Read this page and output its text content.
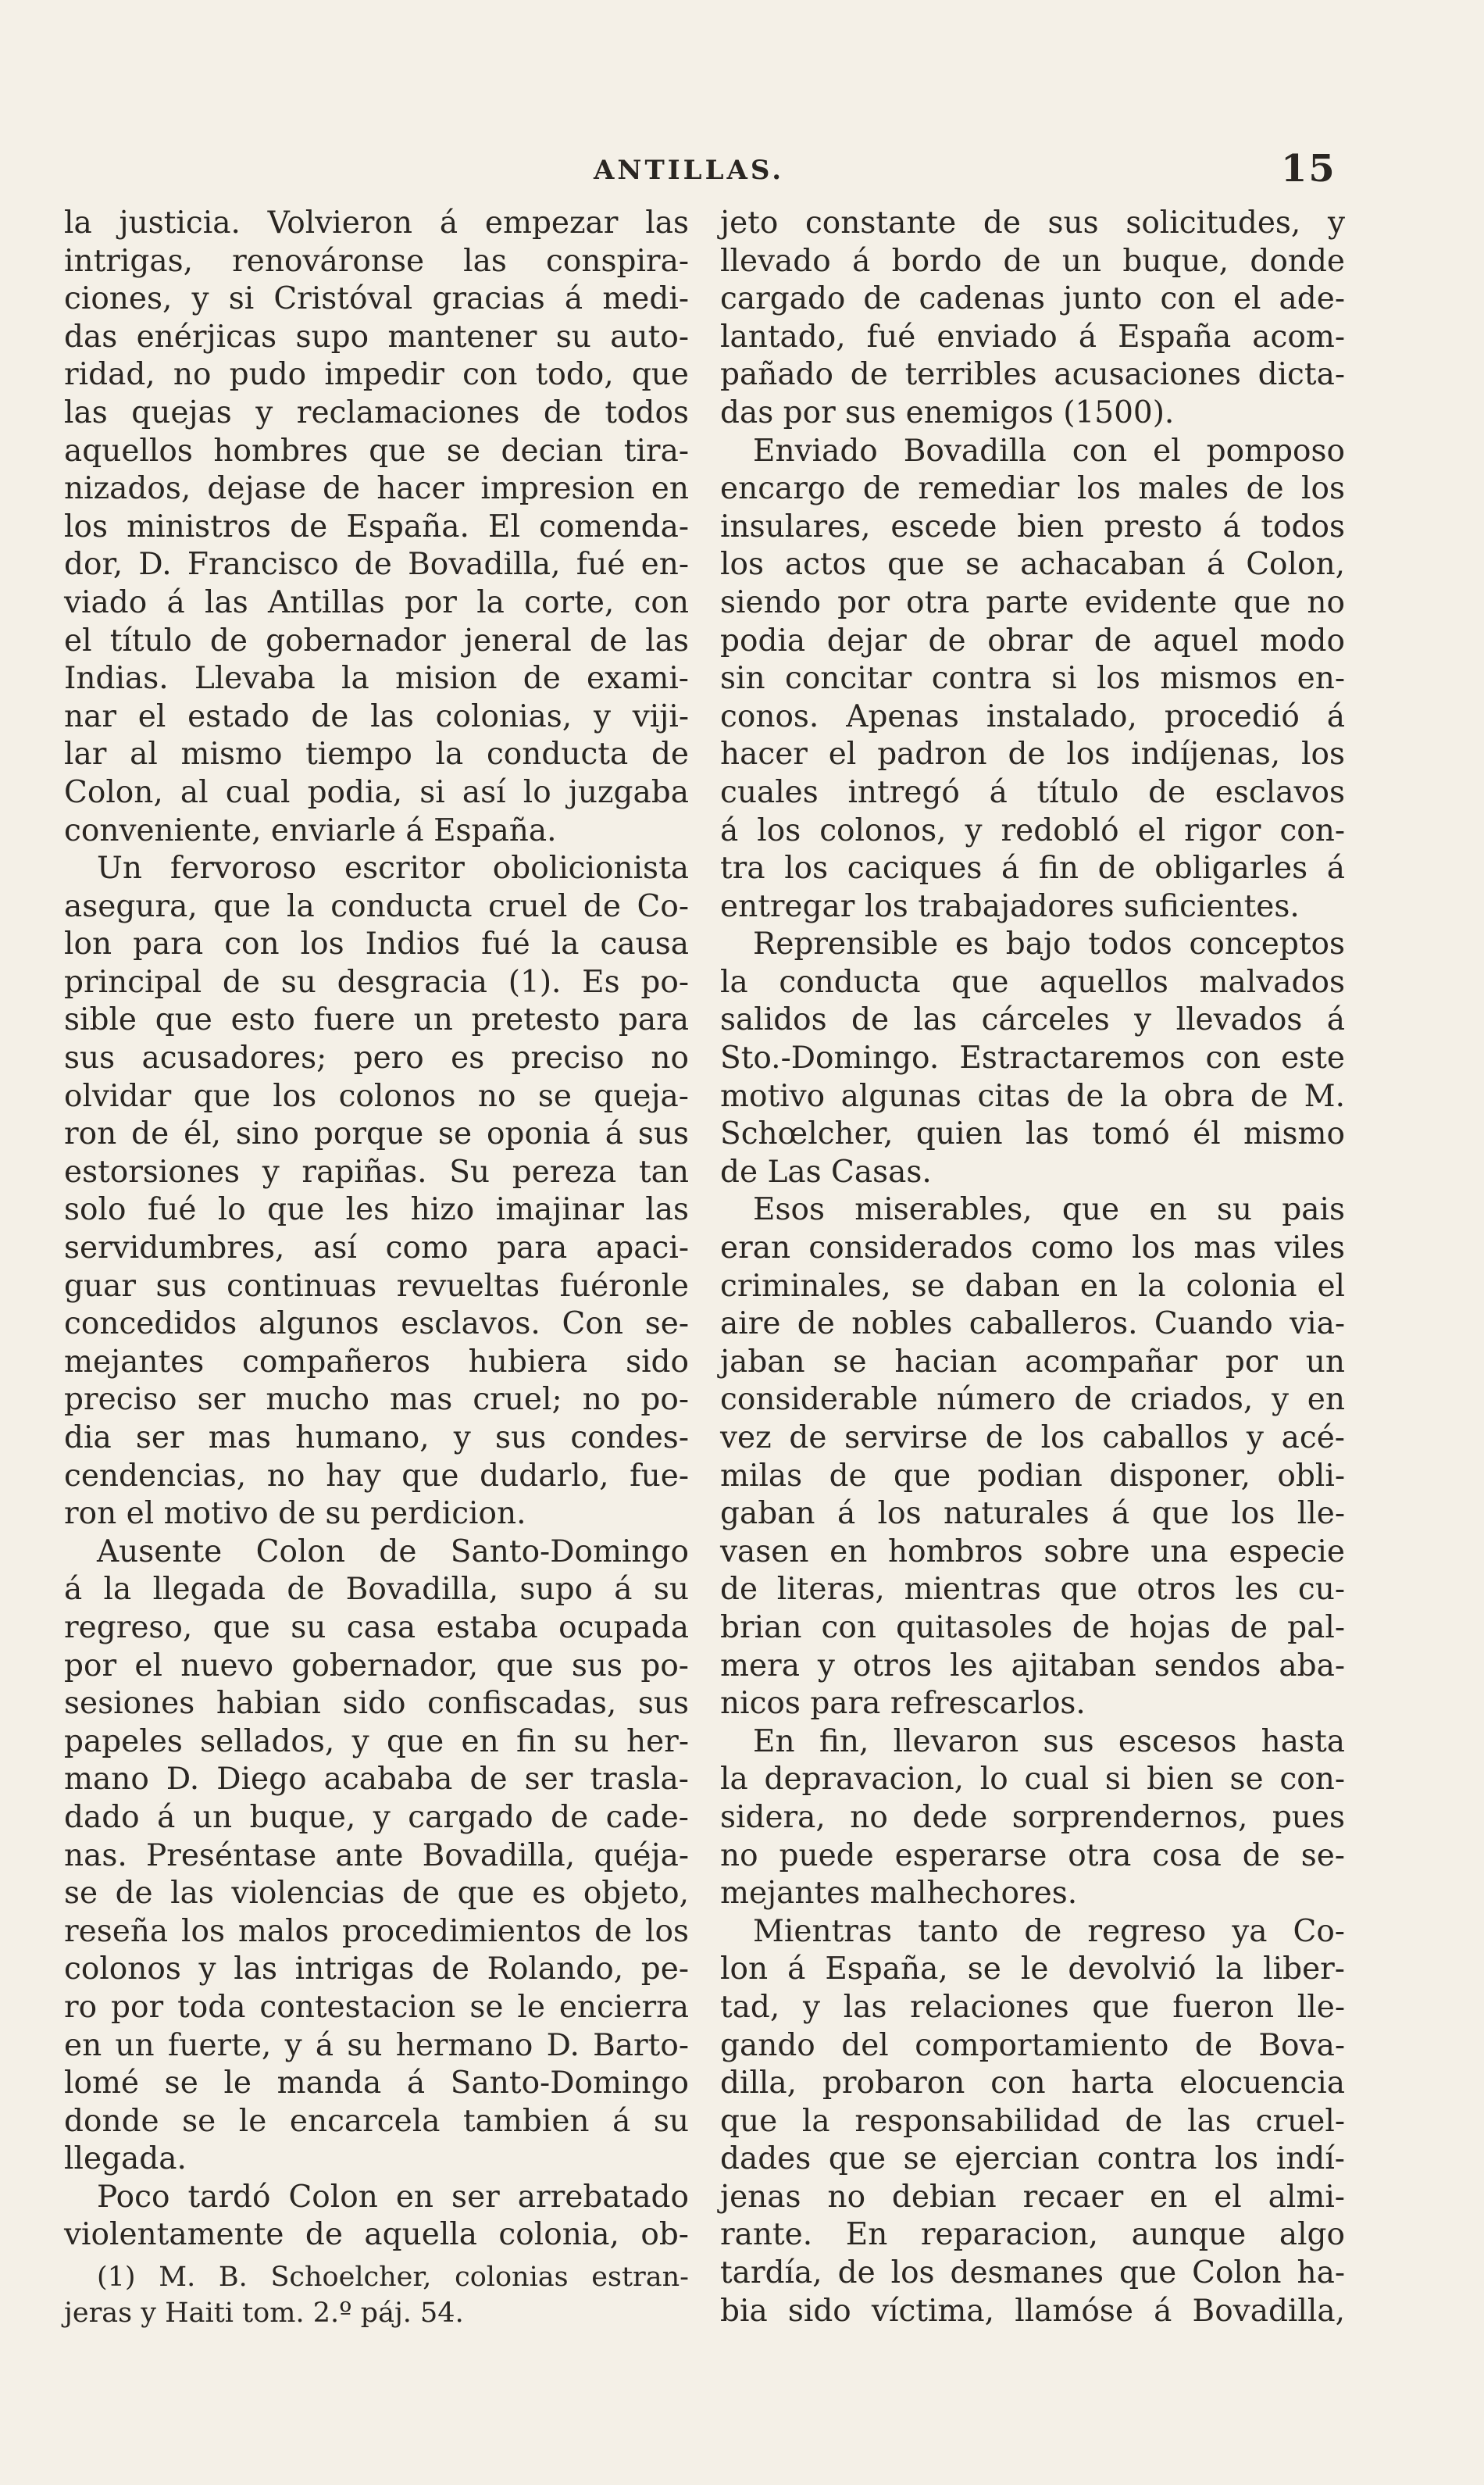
ANTILLAS.	15
la justicia. Volvieron á empezar las
intrigas, renováronse las conspira-
ciones, y si Cristóval gracias á medi-
das enérjicas supo mantener su auto-
ridad, no pudo impedir con todo, que
las quejas y reclamaciones de todos
aquellos hombres que se decian tira-
nizados, dejase de hacer impresion en
los ministros de España. El comenda-
dor, D. Francisco de Bovadilla, fué en-
viado á las Antillas por la corte, con
el título de gobernador jeneral de las
Indias. Llevaba la mision de exami-
nar el estado de las colonias, y viji-
lar al mismo tiempo la conducta de
Colon, al cual podia, si así lo juzgaba
conveniente, enviarle á España.
Un fervoroso escritor obolicionista
asegura, que la conducta cruel de Co-
lon para con los Indios fué la causa
principal de su desgracia (1). Es po-
sible que esto fuere un pretesto para
sus acusadores; pero es preciso no
olvidar que los colonos no se queja-
ron de él, sino porque se oponia á sus
estorsiones y rapiñas. Su pereza tan
solo fué lo que les hizo imajinar las
servidumbres, así como para apaci-
guar sus continuas revueltas fuéronle
concedidos algunos esclavos. Con se-
mejantes compañeros hubiera sido
preciso ser mucho mas cruel; no po-
dia ser mas humano, y sus condes-
cendencias, no hay que dudarlo, fue-
ron el motivo de su perdicion.
Ausente Colon de Santo-Domingo
á la llegada de Bovadilla, supo á su
regreso, que su casa estaba ocupada
por el nuevo gobernador, que sus po-
sesiones habian sido confiscadas, sus
papeles sellados, y que en fin su her-
mano D. Diego acababa de ser trasla-
dado á un buque, y cargado de cade-
nas. Preséntase ante Bovadilla, quéja-
se de las violencias de que es objeto,
reseña los malos procedimientos de los
colonos y las intrigas de Rolando, pe-
ro por toda contestacion se le encierra
en un fuerte, y á su hermano D. Barto-
lomé se le manda á Santo-Domingo
donde se le encarcela tambien á su
llegada.
Poco tardó Colon en ser arrebatado
violentamente de aquella colonia, ob-
(1) M. B. Schoelcher, colonias estran-
jeras y Haiti tom. 2.º páj. 54.
jeto constante de sus solicitudes, y
llevado á bordo de un buque, donde
cargado de cadenas junto con el ade-
lantado, fué enviado á España acom-
pañado de terribles acusaciones dicta-
das por sus enemigos (1500).
Enviado Bovadilla con el pomposo
encargo de remediar los males de los
insulares, escede bien presto á todos
los actos que se achacaban á Colon,
siendo por otra parte evidente que no
podia dejar de obrar de aquel modo
sin concitar contra si los mismos en-
conos. Apenas instalado, procedió á
hacer el padron de los indíjenas, los
cuales intregó á título de esclavos
á los colonos, y redobló el rigor con-
tra los caciques á fin de obligarles á
entregar los trabajadores suficientes.
Reprensible es bajo todos conceptos
la conducta que aquellos malvados
salidos de las cárceles y llevados á
Sto.-Domingo. Estractaremos con este
motivo algunas citas de la obra de M.
Schœlcher, quien las tomó él mismo
de Las Casas.
Esos miserables, que en su pais
eran considerados como los mas viles
criminales, se daban en la colonia el
aire de nobles caballeros. Cuando via-
jaban se hacian acompañar por un
considerable número de criados, y en
vez de servirse de los caballos y acé-
milas de que podian disponer, obli-
gaban á los naturales á que los lle-
vasen en hombros sobre una especie
de literas, mientras que otros les cu-
brian con quitasoles de hojas de pal-
mera y otros les ajitaban sendos aba-
nicos para refrescarlos.
En fin, llevaron sus escesos hasta
la depravacion, lo cual si bien se con-
sidera, no dede sorprendernos, pues
no puede esperarse otra cosa de se-
mejantes malhechores.
Mientras tanto de regreso ya Co-
lon á España, se le devolvió la liber-
tad, y las relaciones que fueron lle-
gando del comportamiento de Bova-
dilla, probaron con harta elocuencia
que la responsabilidad de las cruel-
dades que se ejercian contra los indí-
jenas no debian recaer en el almi-
rante. En reparacion, aunque algo
tardía, de los desmanes que Colon ha-
bia sido víctima, llamóse á Bovadilla,
